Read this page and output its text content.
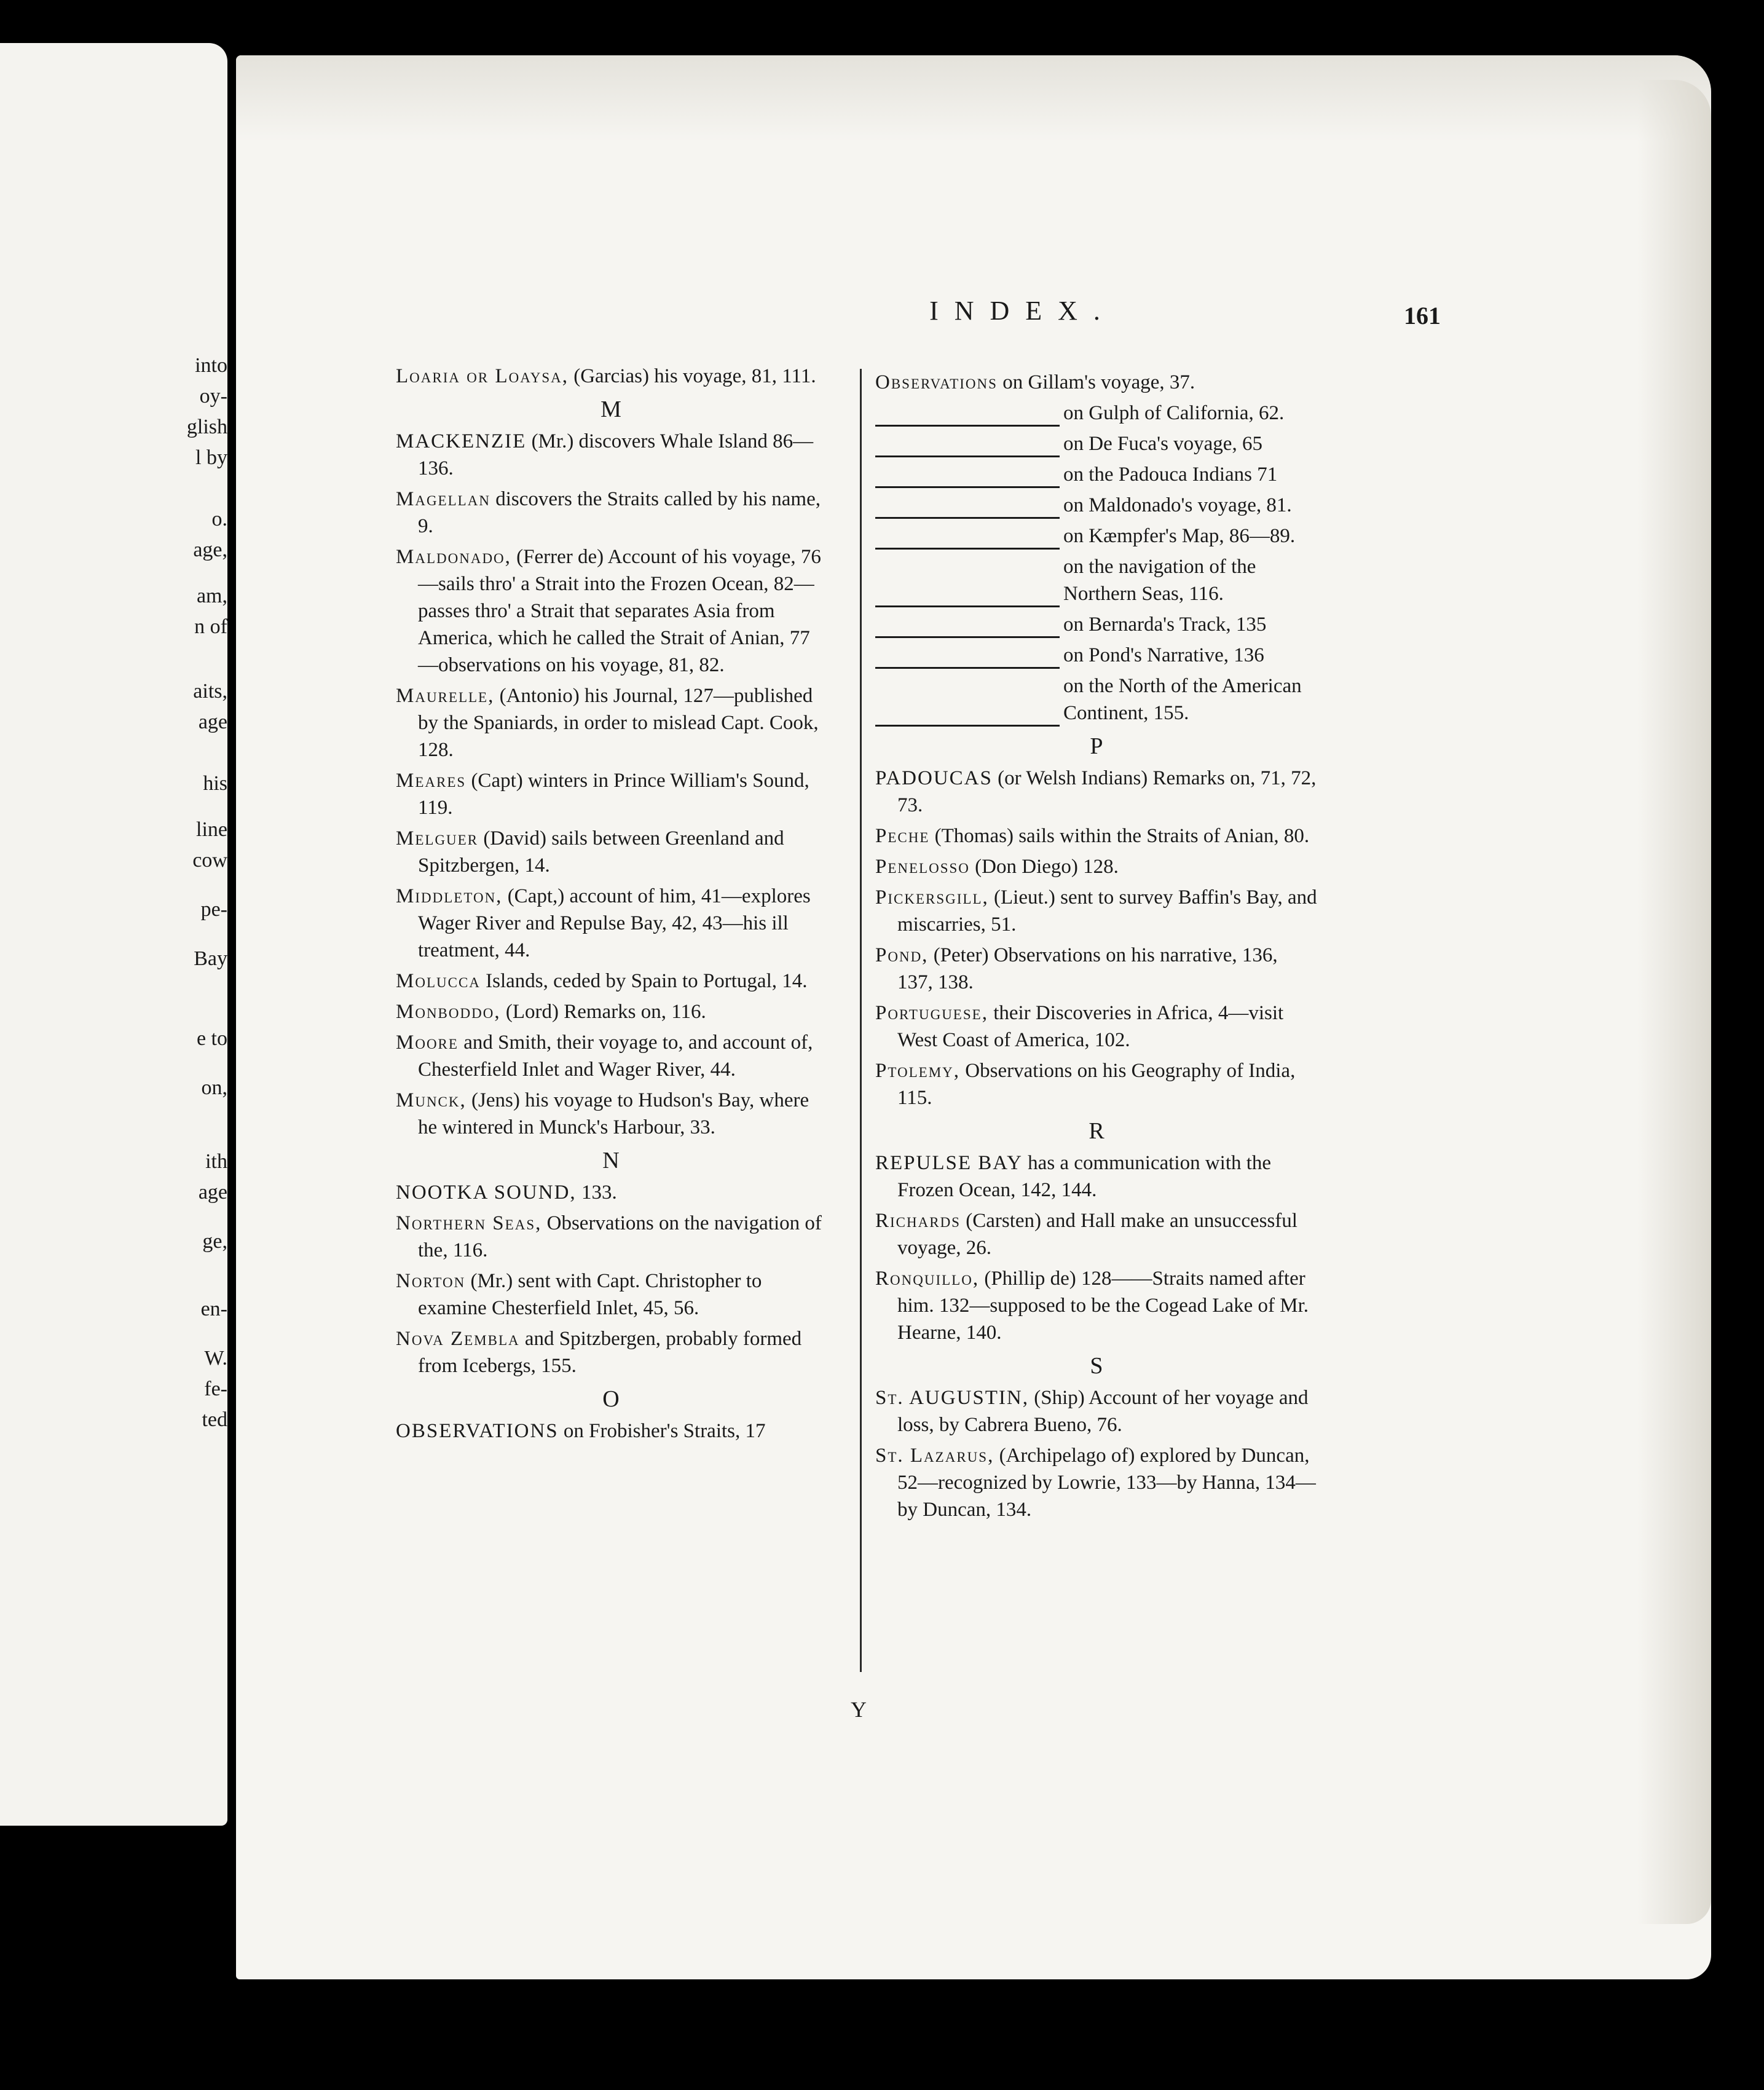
into
oy-
glish
l by
o.
age,
am,
n of
aits,
age
his
line
cow
pe-
Bay
e to
on,
ith
age
ge,
en-
W.
fe-
ted
INDEX.	161
Loaria or Loaysa, (Garcias) his voyage, 81, 111.
M
MACKENZIE (Mr.) discovers Whale Island 86—136.
Magellan discovers the Straits called by his name, 9.
Maldonado, (Ferrer de) Account of his voyage, 76—sails thro' a Strait into the Frozen Ocean, 82—passes thro' a Strait that separates Asia from America, which he called the Strait of Anian, 77—observations on his voyage, 81, 82.
Maurelle, (Antonio) his Journal, 127—published by the Spaniards, in order to mislead Capt. Cook, 128.
Meares (Capt) winters in Prince William's Sound, 119.
Melguer (David) sails between Greenland and Spitzbergen, 14.
Middleton, (Capt,) account of him, 41—explores Wager River and Repulse Bay, 42, 43—his ill treatment, 44.
Molucca Islands, ceded by Spain to Portugal, 14.
Monboddo, (Lord) Remarks on, 116.
Moore and Smith, their voyage to, and account of, Chesterfield Inlet and Wager River, 44.
Munck, (Jens) his voyage to Hudson's Bay, where he wintered in Munck's Harbour, 33.
N
NOOTKA SOUND, 133.
Northern Seas, Observations on the navigation of the, 116.
Norton (Mr.) sent with Capt. Christopher to examine Chesterfield Inlet, 45, 56.
Nova Zembla and Spitzbergen, probably formed from Icebergs, 155.
O
OBSERVATIONS on Frobisher's Straits, 17
Observations on Gillam's voyage, 37.
on Gulph of California, 62.
on De Fuca's voyage, 65
on the Padouca Indians 71
on Maldonado's voyage, 81.
on Kæmpfer's Map, 86—89.
on the navigation of the Northern Seas, 116.
on Bernarda's Track, 135
on Pond's Narrative, 136
on the North of the American Continent, 155.
P
PADOUCAS (or Welsh Indians) Remarks on, 71, 72, 73.
Peche (Thomas) sails within the Straits of Anian, 80.
Penelosso (Don Diego) 128.
Pickersgill, (Lieut.) sent to survey Baffin's Bay, and miscarries, 51.
Pond, (Peter) Observations on his narrative, 136, 137, 138.
Portuguese, their Discoveries in Africa, 4—visit West Coast of America, 102.
Ptolemy, Observations on his Geography of India, 115.
R
REPULSE BAY has a communication with the Frozen Ocean, 142, 144.
Richards (Carsten) and Hall make an unsuccessful voyage, 26.
Ronquillo, (Phillip de) 128——Straits named after him. 132—supposed to be the Cogead Lake of Mr. Hearne, 140.
S
St. AUGUSTIN, (Ship) Account of her voyage and loss, by Cabrera Bueno, 76.
St. Lazarus, (Archipelago of) explored by Duncan, 52—recognized by Lowrie, 133—by Hanna, 134—by Duncan, 134.
Y
